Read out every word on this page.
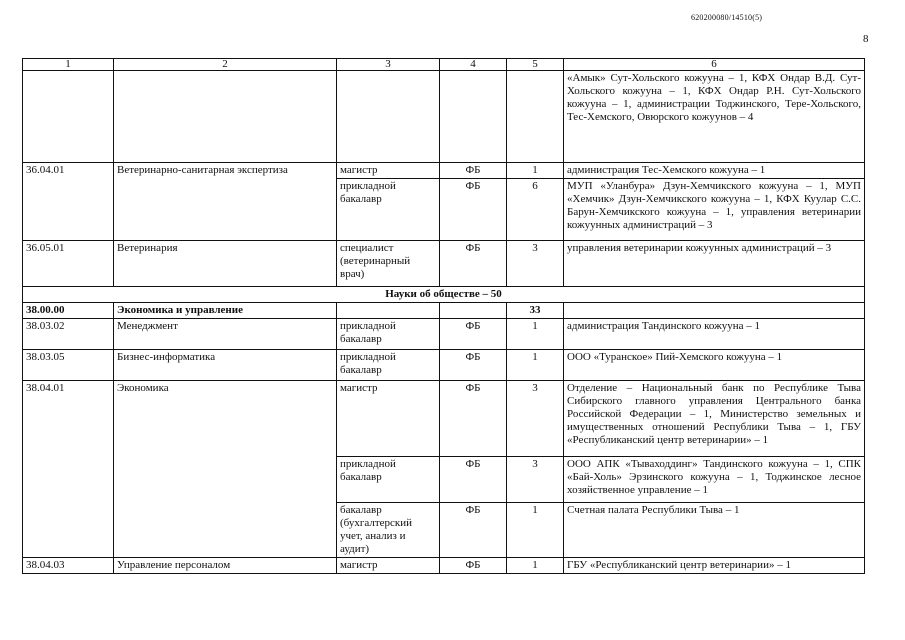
620200080/14510(5)
8
1	2	3	4	5	6
					«Амык» Сут-Хольского кожууна – 1, КФХ Ондар В.Д. Сут-Хольского кожууна – 1, КФХ Ондар Р.Н. Сут-Хольского кожууна – 1, администрации Тоджинского, Тере-Хольского, Тес-Хемского, Овюрского кожуунов – 4
36.04.01	Ветеринарно-санитарная экспертиза	магистр	ФБ	1	администрация Тес-Хемского кожууна – 1
		прикладной бакалавр	ФБ	6	МУП «Уланбура» Дзун-Хемчикского кожууна – 1, МУП «Хемчик» Дзун-Хемчикского кожууна – 1, КФХ Куулар С.С. Барун-Хемчикского кожууна – 1, управления ветеринарии кожуунных администраций – 3
36.05.01	Ветеринария	специалист (ветеринарный врач)	ФБ	3	управления ветеринарии кожуунных администраций – 3
Науки об обществе – 50					
38.00.00	Экономика и управление			33	
38.03.02	Менеджмент	прикладной бакалавр	ФБ	1	администрация Тандинского кожууна – 1
38.03.05	Бизнес-информатика	прикладной бакалавр	ФБ	1	ООО «Туранское» Пий-Хемского кожууна – 1
38.04.01	Экономика	магистр	ФБ	3	Отделение – Национальный банк по Республике Тыва Сибирского главного управления Центрального банка Российской Федерации – 1, Министерство земельных и имущественных отношений Республики Тыва – 1, ГБУ «Республиканский центр ветеринарии» – 1
		прикладной бакалавр	ФБ	3	ООО АПК «Тываходдинг» Тандинского кожууна – 1, СПК «Бай-Холь» Эрзинского кожууна – 1, Тоджинское лесное хозяйственное управление – 1
		бакалавр (бухгалтерский учет, анализ и аудит)	ФБ	1	Счетная палата Республики Тыва – 1
38.04.03	Управление персоналом	магистр	ФБ	1	ГБУ «Республиканский центр ветеринарии» – 1
